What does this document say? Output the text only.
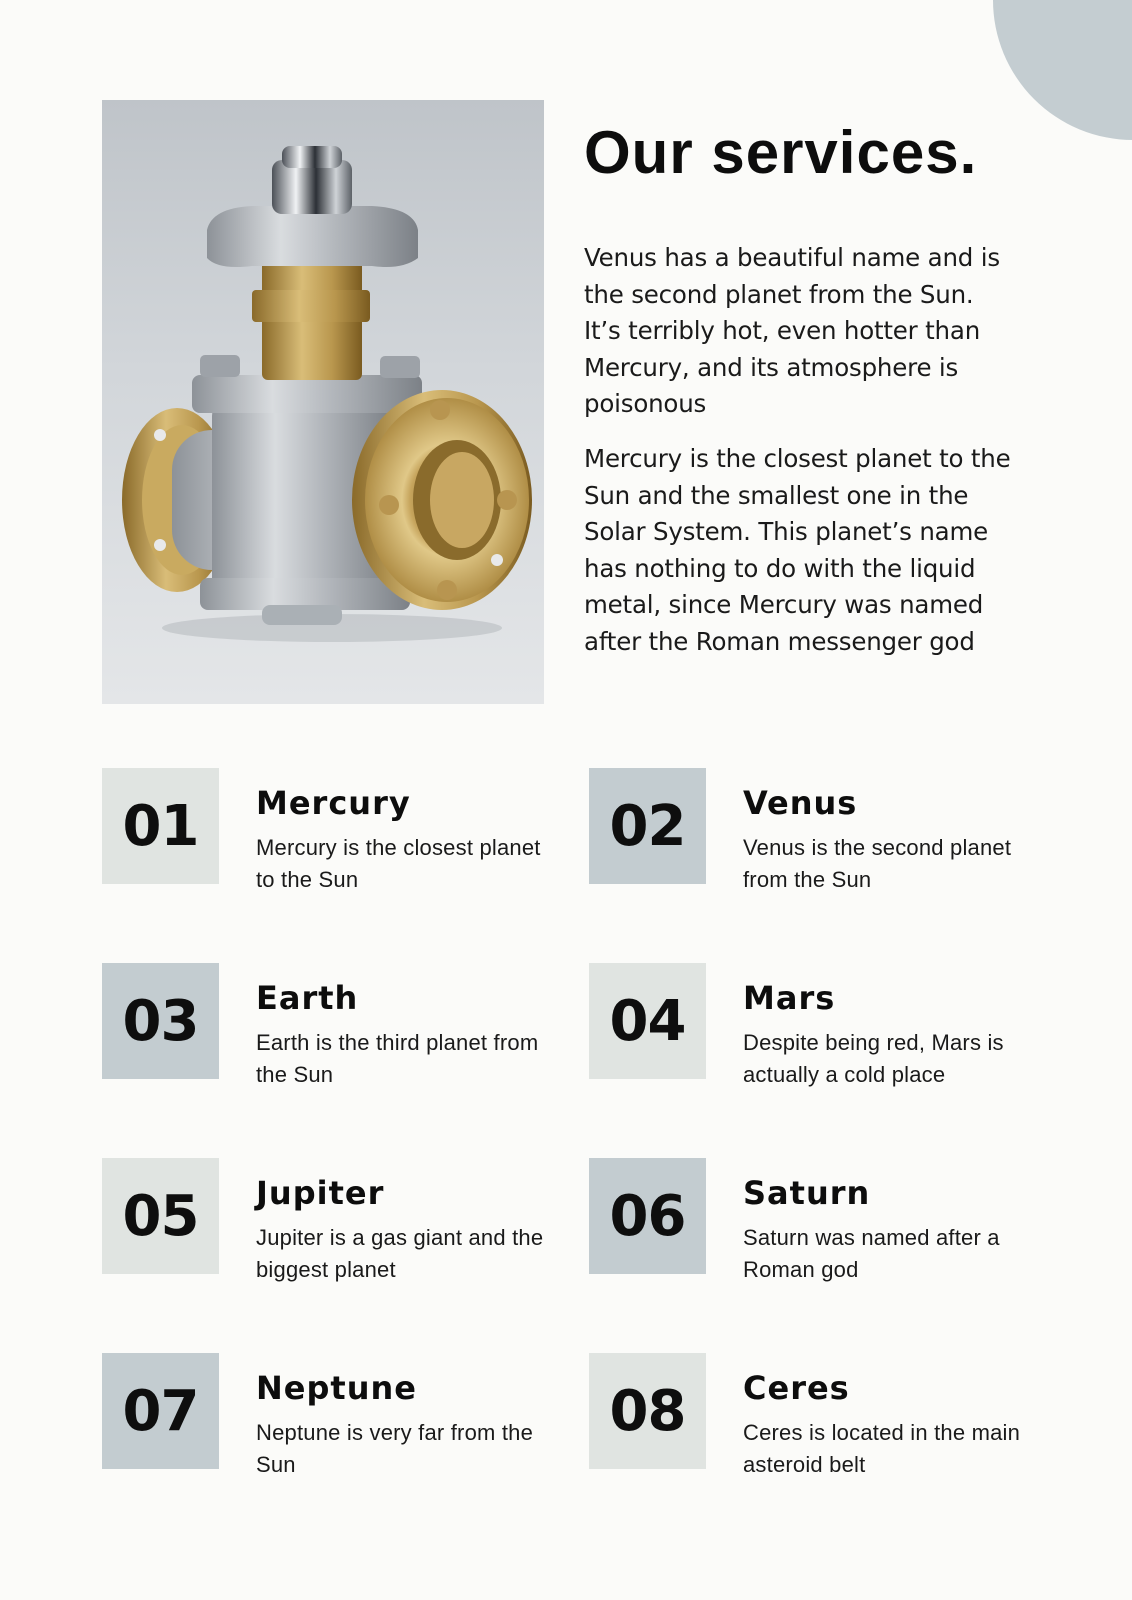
Our services.

Venus has a beautiful name and is the second planet from the Sun. It’s terribly hot, even hotter than Mercury, and its atmosphere is poisonous

Mercury is the closest planet to the Sun and the smallest one in the Solar System. This planet’s name has nothing to do with the liquid metal, since Mercury was named after the Roman messenger god

01	Mercury
Mercury is the closest planet to the Sun
02	Venus
Venus is the second planet from the Sun
03	Earth
Earth is the third planet from the Sun
04	Mars
Despite being red, Mars is actually a cold place
05	Jupiter
Jupiter is a gas giant and the biggest planet
06	Saturn
Saturn was named after a Roman god
07	Neptune
Neptune is very far from the Sun
08	Ceres
Ceres is located in the main asteroid belt
